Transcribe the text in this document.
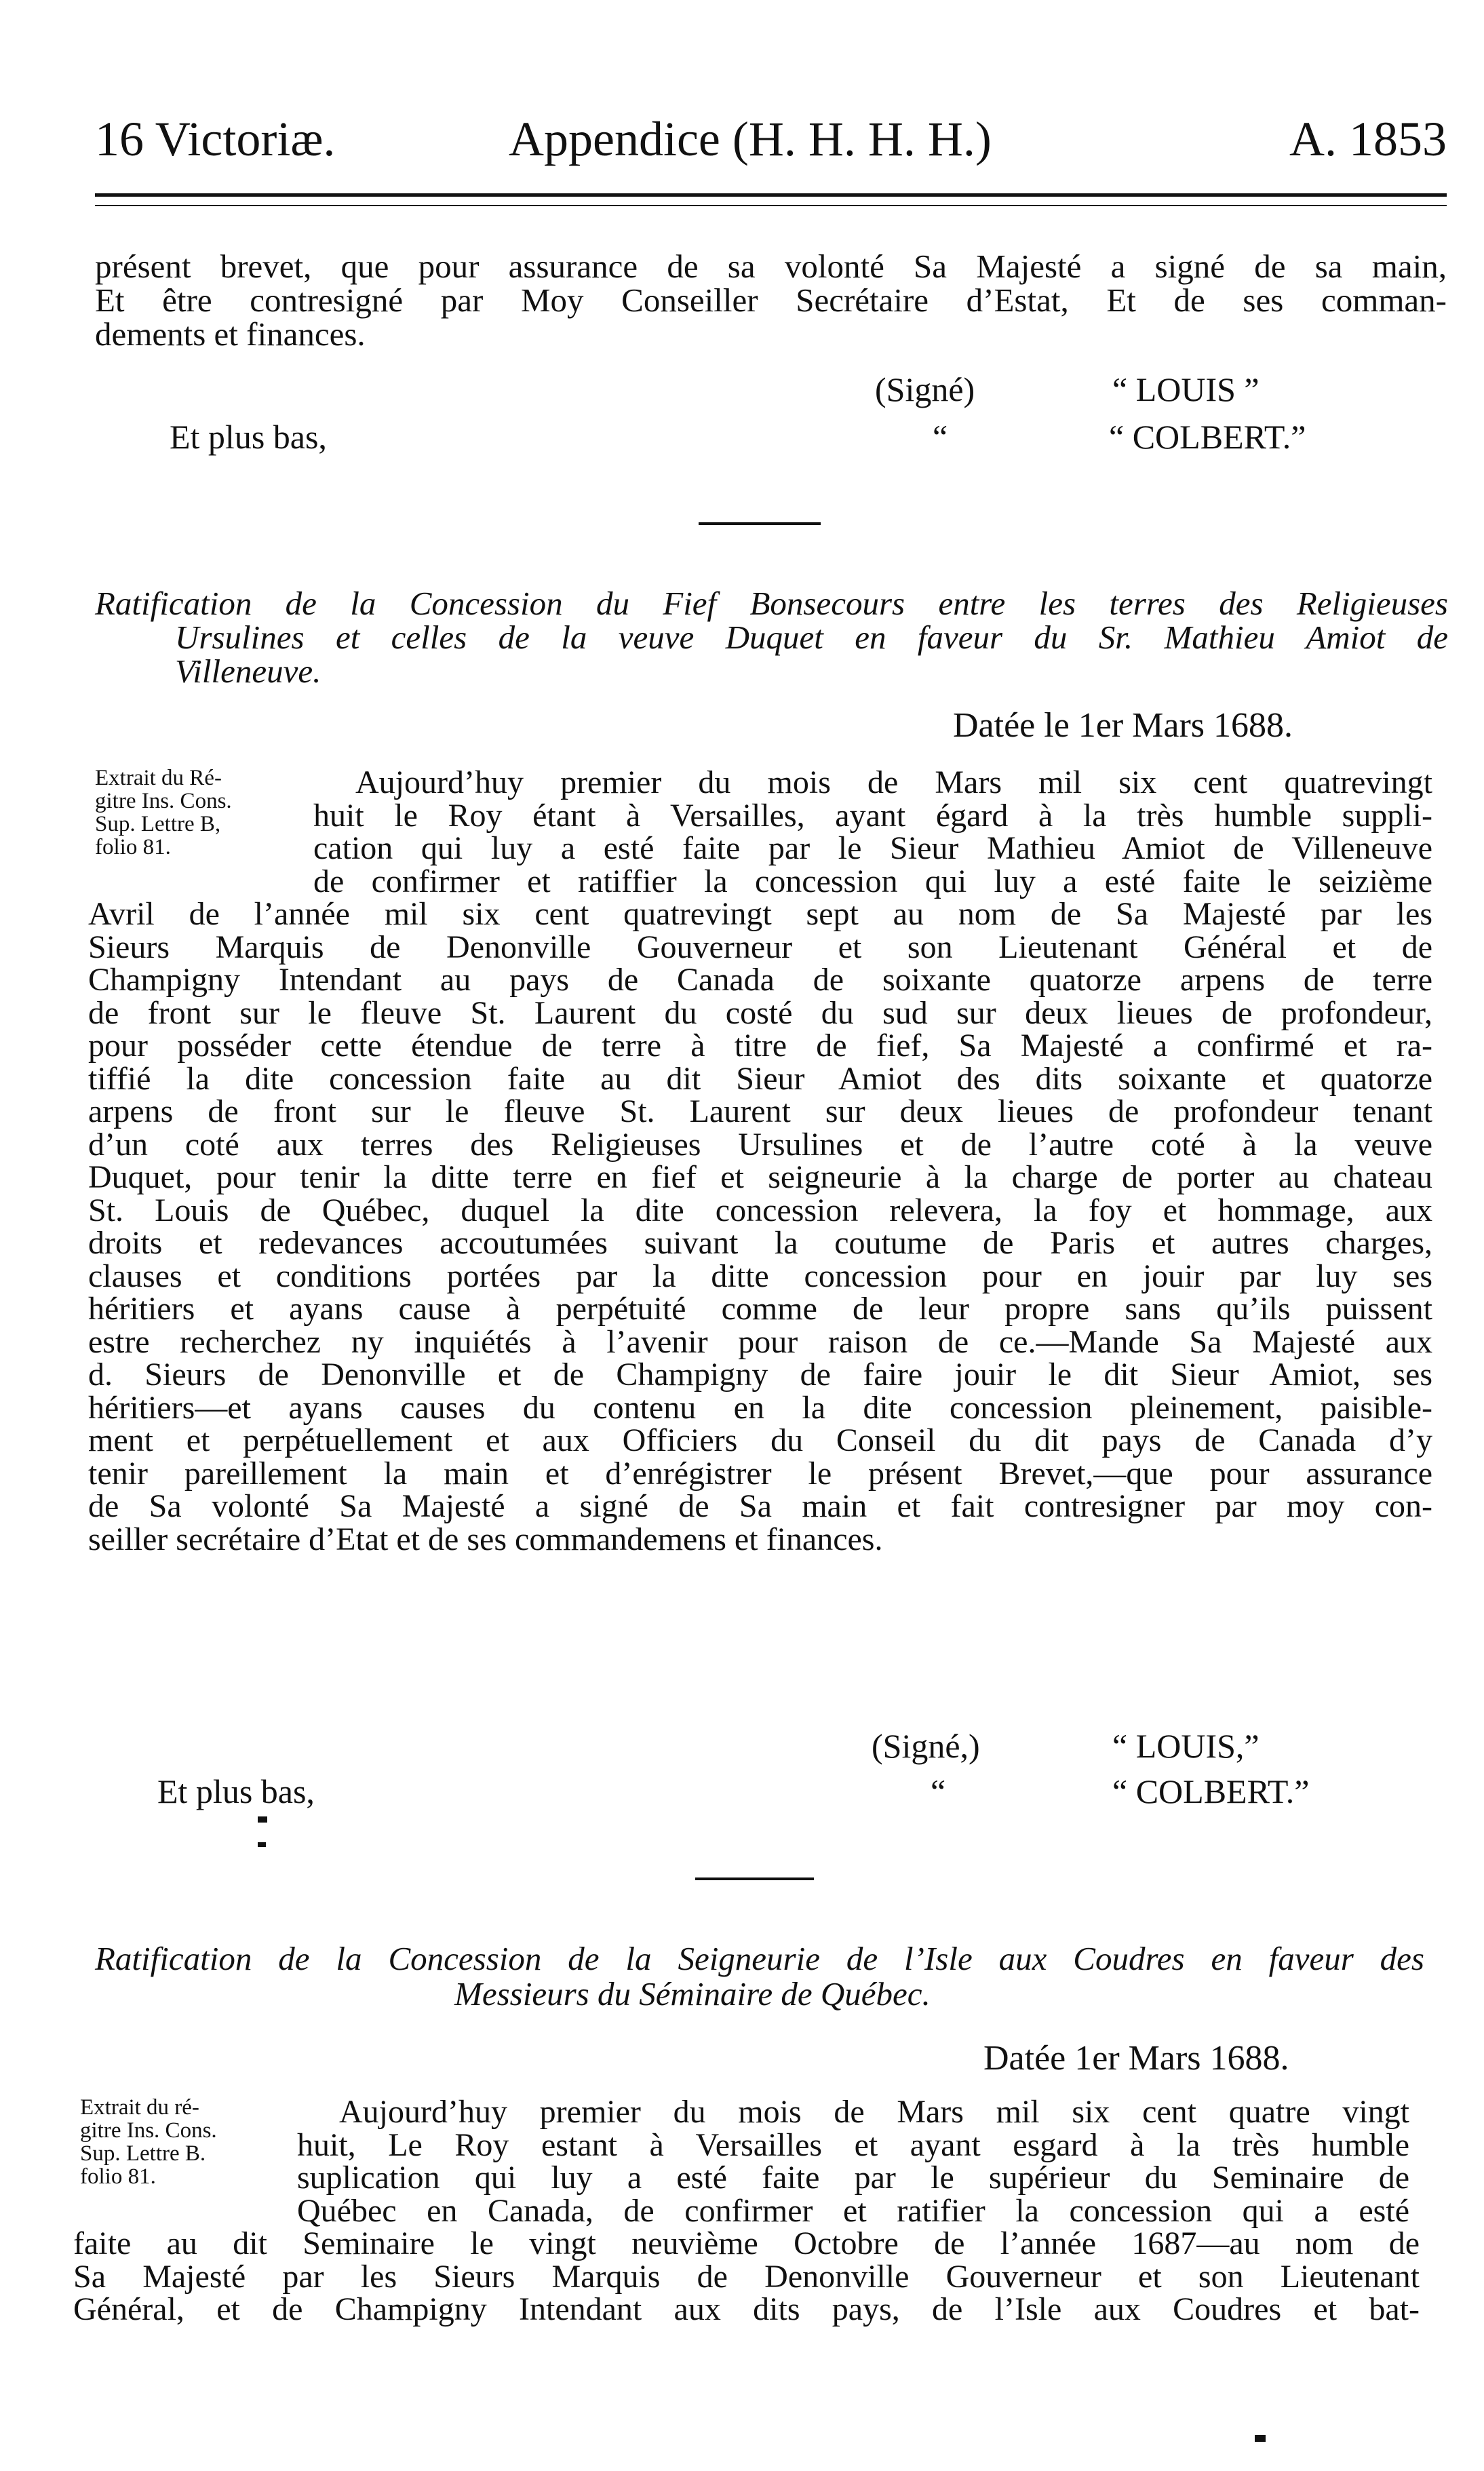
16 Victoriæ.	Appendice (H. H. H. H.)	A. 1853
présent brevet, que pour assurance de sa volonté Sa Majesté a signé de sa main,
Et être contresigné par Moy Conseiller Secrétaire d’Estat, Et de ses comman-
dements et finances.
(Signé)	“ LOUIS ”
Et plus bas,	“	“ COLBERT.”
Ratification de la Concession du Fief Bonsecours entre les terres des Religieuses
Ursulines et celles de la veuve Duquet en faveur du Sr. Mathieu Amiot de
Villeneuve.
Datée le 1er Mars 1688.
Extrait du Ré-
gitre Ins. Cons.
Sup. Lettre B,
folio 81.
Aujourd’huy premier du mois de Mars mil six cent quatrevingt
huit le Roy étant à Versailles, ayant égard à la très humble suppli-
cation qui luy a esté faite par le Sieur Mathieu Amiot de Villeneuve
de confirmer et ratiffier la concession qui luy a esté faite le seizième
Avril de l’année mil six cent quatrevingt sept au nom de Sa Majesté par les
Sieurs Marquis de Denonville Gouverneur et son Lieutenant Général et de
Champigny Intendant au pays de Canada de soixante quatorze arpens de terre
de front sur le fleuve St. Laurent du costé du sud sur deux lieues de profondeur,
pour posséder cette étendue de terre à titre de fief, Sa Majesté a confirmé et ra-
tiffié la dite concession faite au dit Sieur Amiot des dits soixante et quatorze
arpens de front sur le fleuve St. Laurent sur deux lieues de profondeur tenant
d’un coté aux terres des Religieuses Ursulines et de l’autre coté à la veuve
Duquet, pour tenir la ditte terre en fief et seigneurie à la charge de porter au chateau
St. Louis de Québec, duquel la dite concession relevera, la foy et hommage, aux
droits et redevances accoutumées suivant la coutume de Paris et autres charges,
clauses et conditions portées par la ditte concession pour en jouir par luy ses
héritiers et ayans cause à perpétuité comme de leur propre sans qu’ils puissent
estre recherchez ny inquiétés à l’avenir pour raison de ce.—Mande Sa Majesté aux
d. Sieurs de Denonville et de Champigny de faire jouir le dit Sieur Amiot, ses
héritiers—et ayans causes du contenu en la dite concession pleinement, paisible-
ment et perpétuellement et aux Officiers du Conseil du dit pays de Canada d’y
tenir pareillement la main et d’enrégistrer le présent Brevet,—que pour assurance
de Sa volonté Sa Majesté a signé de Sa main et fait contresigner par moy con-
seiller secrétaire d’Etat et de ses commandemens et finances.
(Signé,)	“ LOUIS,”
Et plus bas,	“	“ COLBERT.”
Ratification de la Concession de la Seigneurie de l’Isle aux Coudres en faveur des
Messieurs du Séminaire de Québec.
Datée 1er Mars 1688.
Extrait du ré-
gitre Ins. Cons.
Sup. Lettre B.
folio 81.
Aujourd’huy premier du mois de Mars mil six cent quatre vingt
huit, Le Roy estant à Versailles et ayant esgard à la très humble
suplication qui luy a esté faite par le supérieur du Seminaire de
Québec en Canada, de confirmer et ratifier la concession qui a esté
faite au dit Seminaire le vingt neuvième Octobre de l’année 1687—au nom de
Sa Majesté par les Sieurs Marquis de Denonville Gouverneur et son Lieutenant
Général, et de Champigny Intendant aux dits pays, de l’Isle aux Coudres et bat-
